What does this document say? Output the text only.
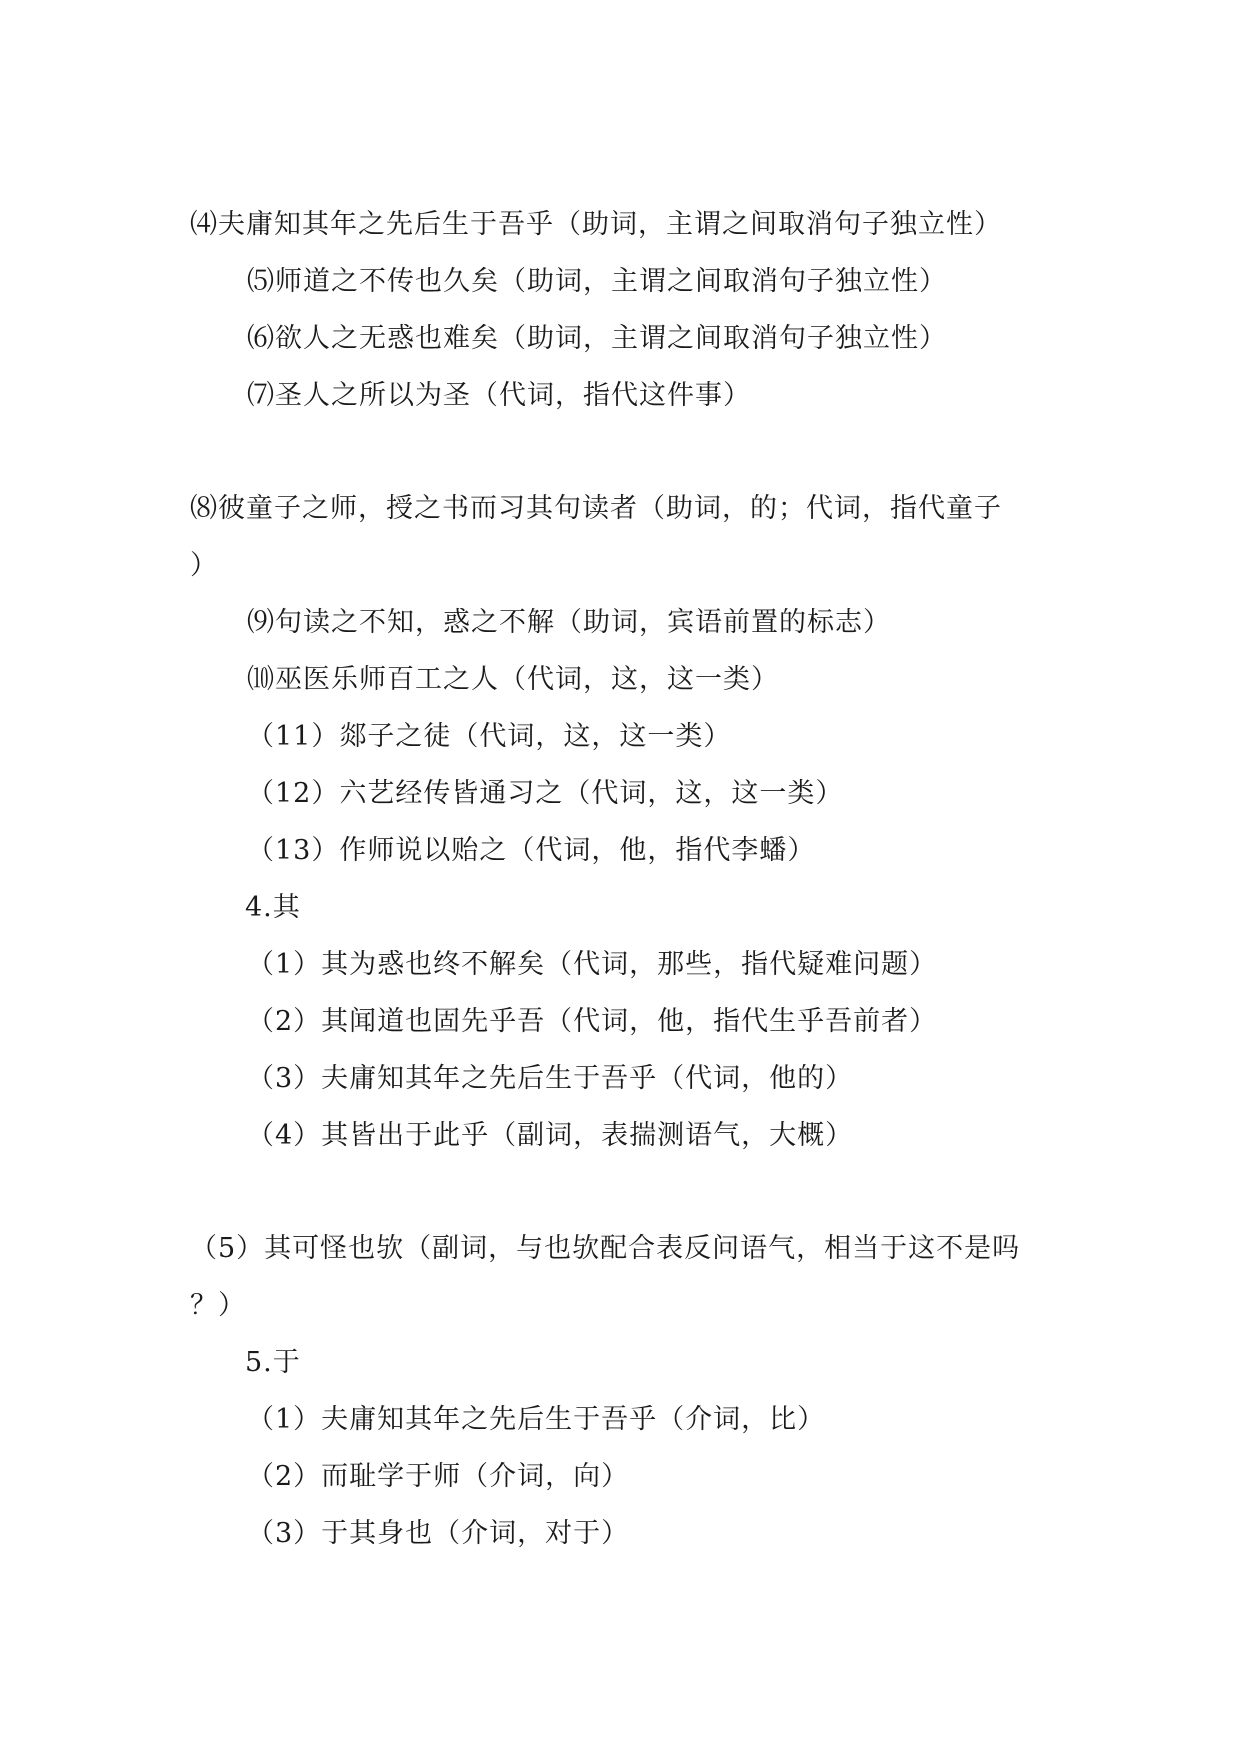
⑷夫庸知其年之先后生于吾乎（助词，主谓之间取消句子独立性）
⑸师道之不传也久矣（助词，主谓之间取消句子独立性）
⑹欲人之无惑也难矣（助词，主谓之间取消句子独立性）
⑺圣人之所以为圣（代词，指代这件事）
⑻彼童子之师，授之书而习其句读者（助词，的；代词，指代童子
）
⑼句读之不知，惑之不解（助词，宾语前置的标志）
⑽巫医乐师百工之人（代词，这，这一类）
（11）郯子之徒（代词，这，这一类）
（12）六艺经传皆通习之（代词，这，这一类）
（13）作师说以贻之（代词，他，指代李蟠）
4.其
（1）其为惑也终不解矣（代词，那些，指代疑难问题）
（2）其闻道也固先乎吾（代词，他，指代生乎吾前者）
（3）夫庸知其年之先后生于吾乎（代词，他的）
（4）其皆出于此乎（副词，表揣测语气，大概）
（5）其可怪也欤（副词，与也欤配合表反问语气，相当于这不是吗
？）
5.于
（1）夫庸知其年之先后生于吾乎（介词，比）
（2）而耻学于师（介词，向）
（3）于其身也（介词，对于）
